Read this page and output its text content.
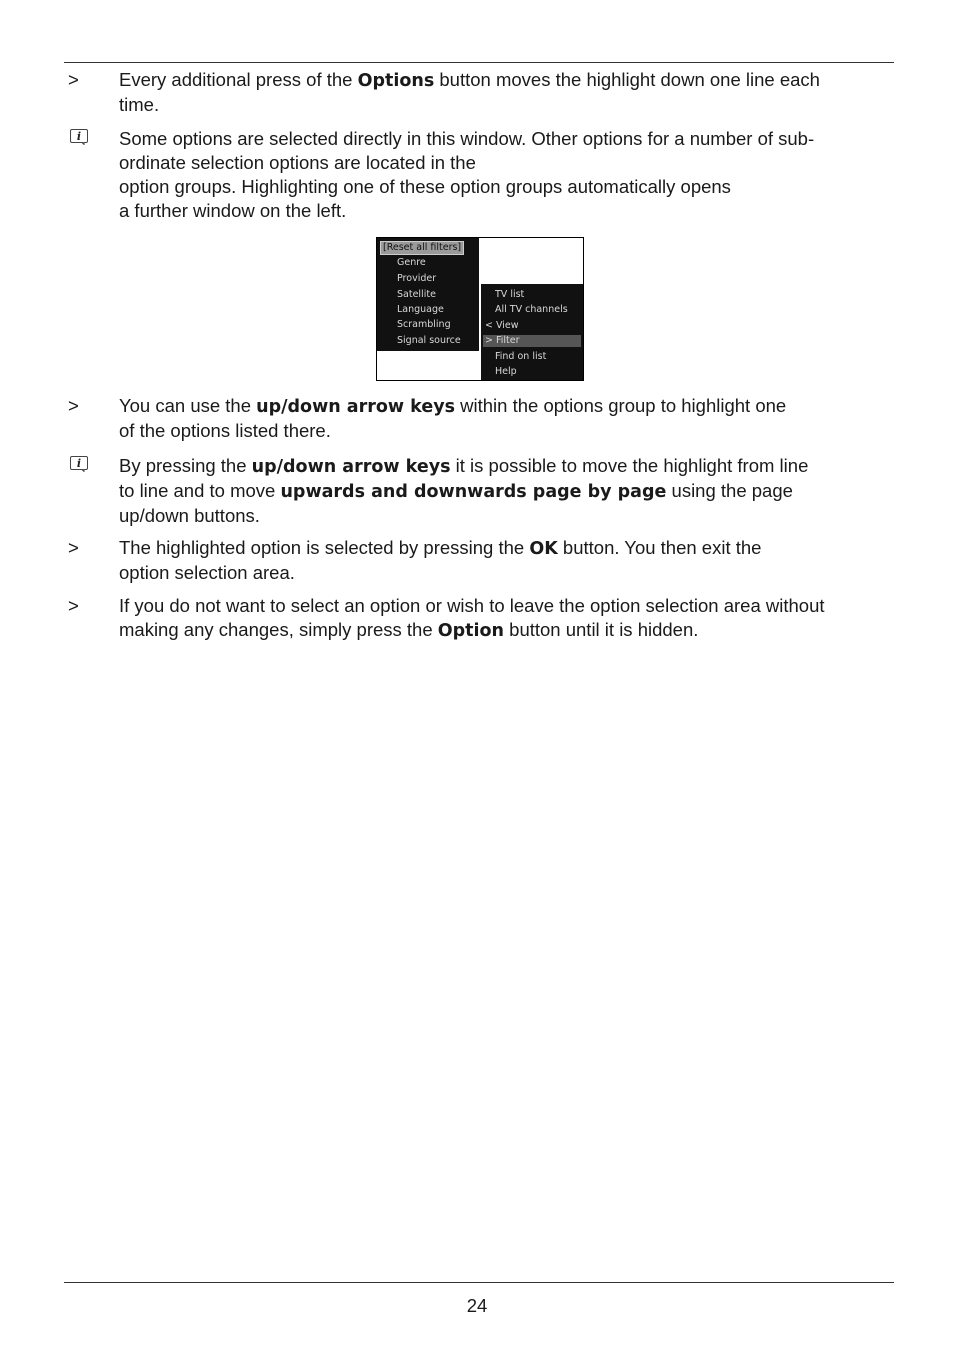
> Every additional press of the Options button moves the highlight down one line each
time.
i Some options are selected directly in this window. Other options for a number of sub-
ordinate selection options are located in the
option groups. Highlighting one of these option groups automatically opens
a further window on the left.
[Reset all filters]
Genre
Provider
Satellite
Language
Scrambling
Signal source
TV list
All TV channels
< View
> Filter
Find on list
Help
> You can use the up/down arrow keys within the options group to highlight one
of the options listed there.
i By pressing the up/down arrow keys it is possible to move the highlight from line
to line and to move upwards and downwards page by page using the page
up/down buttons.
> The highlighted option is selected by pressing the OK button. You then exit the
option selection area.
> If you do not want to select an option or wish to leave the option selection area without
making any changes, simply press the Option button until it is hidden.
24
